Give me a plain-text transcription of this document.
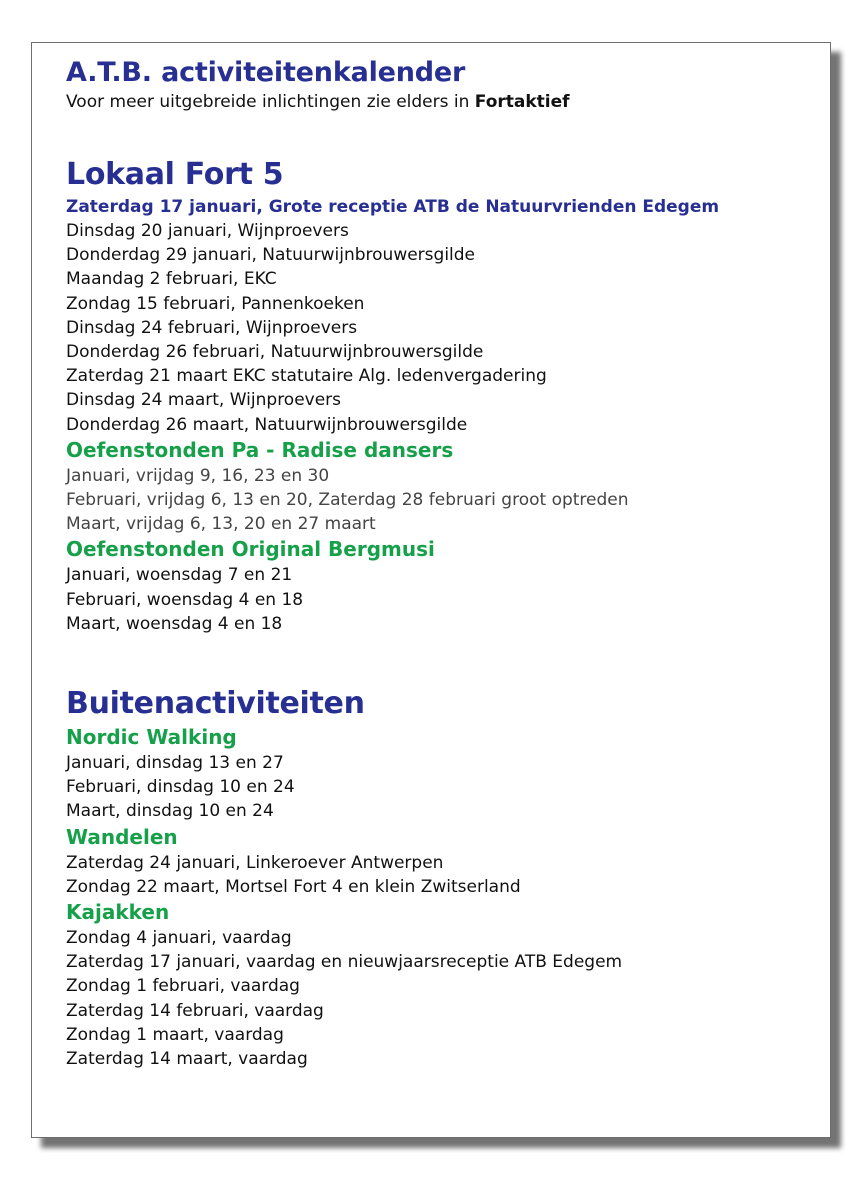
A.T.B. activiteitenkalender

Voor meer uitgebreide inlichtingen zie elders in Fortaktief

Lokaal Fort 5

Zaterdag 17 januari, Grote receptie ATB de Natuurvrienden Edegem

Dinsdag 20 januari, Wijnproevers

Donderdag 29 januari, Natuurwijnbrouwersgilde

Maandag 2 februari, EKC

Zondag 15 februari, Pannenkoeken

Dinsdag 24 februari, Wijnproevers

Donderdag 26 februari, Natuurwijnbrouwersgilde

Zaterdag 21 maart EKC statutaire Alg. ledenvergadering

Dinsdag 24 maart, Wijnproevers

Donderdag 26 maart, Natuurwijnbrouwersgilde

Oefenstonden Pa - Radise dansers

Januari, vrijdag 9, 16, 23 en 30

Februari, vrijdag 6, 13 en 20, Zaterdag 28 februari groot optreden

Maart, vrijdag 6, 13, 20 en 27 maart

Oefenstonden Original Bergmusi

Januari, woensdag 7 en 21

Februari, woensdag 4 en 18

Maart, woensdag 4 en 18

Buitenactiviteiten
Nordic Walking

Januari, dinsdag 13 en 27

Februari, dinsdag 10 en 24

Maart, dinsdag 10 en 24

Wandelen

Zaterdag 24 januari, Linkeroever Antwerpen

Zondag 22 maart, Mortsel Fort 4 en klein Zwitserland

Kajakken

Zondag 4 januari, vaardag

Zaterdag 17 januari, vaardag en nieuwjaarsreceptie ATB Edegem

Zondag 1 februari, vaardag

Zaterdag 14 februari, vaardag

Zondag 1 maart, vaardag

Zaterdag 14 maart, vaardag
